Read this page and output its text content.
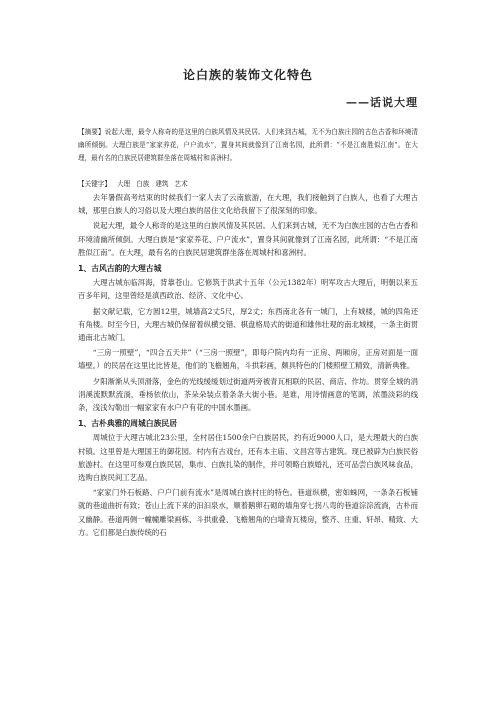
论白族的装饰文化特色
——话说大理
【摘要】说起大理，最令人称奇的是这里的白族风情及其民居。人们来到古城，无不为白族庄园的古色古香和环境清幽所倾倒。大理白族是“家家养花，户户流水”，置身其间就像到了江南名园，此所谓：“不是江南胜似江南”。在大理，最有名的白族民居建筑群坐落在周城村和喜洲村。
【关键字】 大理 白族 建筑 艺术

去年暑假高考结束的时候我们一家人去了云南旅游，在大理，我们接触到了白族人，也看了大理古城，那里白族人的习俗以及大理白族的居住文化给我留下了很深刻的印象。

说起大理，最令人称奇的是这里的白族风情及其民居。人们来到古城，无不为白族庄园的古色古香和环境清幽所倾倒。大理白族是“家家养花、户户流水”，置身其间就像到了江南名园，此所谓：“不是江南胜似江南”。在大理，最有名的白族民居建筑群坐落在周城村和喜洲村。

1、古风古韵的大理古城

大理古城东临洱海，背靠苍山。它修筑于洪武十五年（公元1382年）明军攻古大理后，明朝以来五百多年间，这里曾经是滇西政治、经济、文化中心。

据文献记载，它方圆12里，城墙高2丈5尺，厚2丈；东西南北各有一城门，上有城楼，城的四角还有角楼。时至今日，大理古城仍保留着纵横交错、棋盘格局式的街道和雄伟壮观的南北城楼，一条主街贯通南北古城门。

“三房一照壁”，“四合五天井”（“三房一照壁”，即每户院内均有一正房、两厢房，正房对面是一面墙壁。）的民居在这里比比皆是，他们的飞檐翘角，斗拱彩画，颇具特色的门楼照壁工精致，清新典雅。

夕阳渐渐从头顶滑落，金色的光线缓缓划过街道两旁被青瓦相联的民居、商店、作坊。贯穿全城的涓涓溪流默默流淌，垂杨依依山，茶朵朵装点着条条大街小巷。是谁，用诗情画意的笔调，浓墨淡彩的线条，浅浅勾勒出一幅家家有水户户有花的中国水墨画。

1、古朴典雅的周城白族民居

周城位于大理古城北23公里，全村居住1500余户白族居民，约有近9000人口，是大理最大的白族村镇。这里曾是大理国王的御花园。村内有古戏台，还有本主庙、文昌宫等古建筑。现已被辟为白族民俗旅游村。在这里可参观白族民居，集市、白族扎染的制作，并可领略白族婚礼，还可品尝白族风味食品，选购白族民间工艺品。

“家家门外石板路、户户门前有流水”是周城白族村庄的特色。巷道纵横，密如蛛网，一条条石板铺就的巷道曲折有致；苍山上流下来的汩汩泉水，顺着鹅卵石砌的墙角穿七拐八弯的巷道淙淙流淌，古朴而又幽静。巷道两侧一幢幢雕梁画栋、斗拱重叠、飞檐翘角的白墙青瓦楼房，整齐、庄重、轩昂、精致、大方。它们都是白族传统的石
